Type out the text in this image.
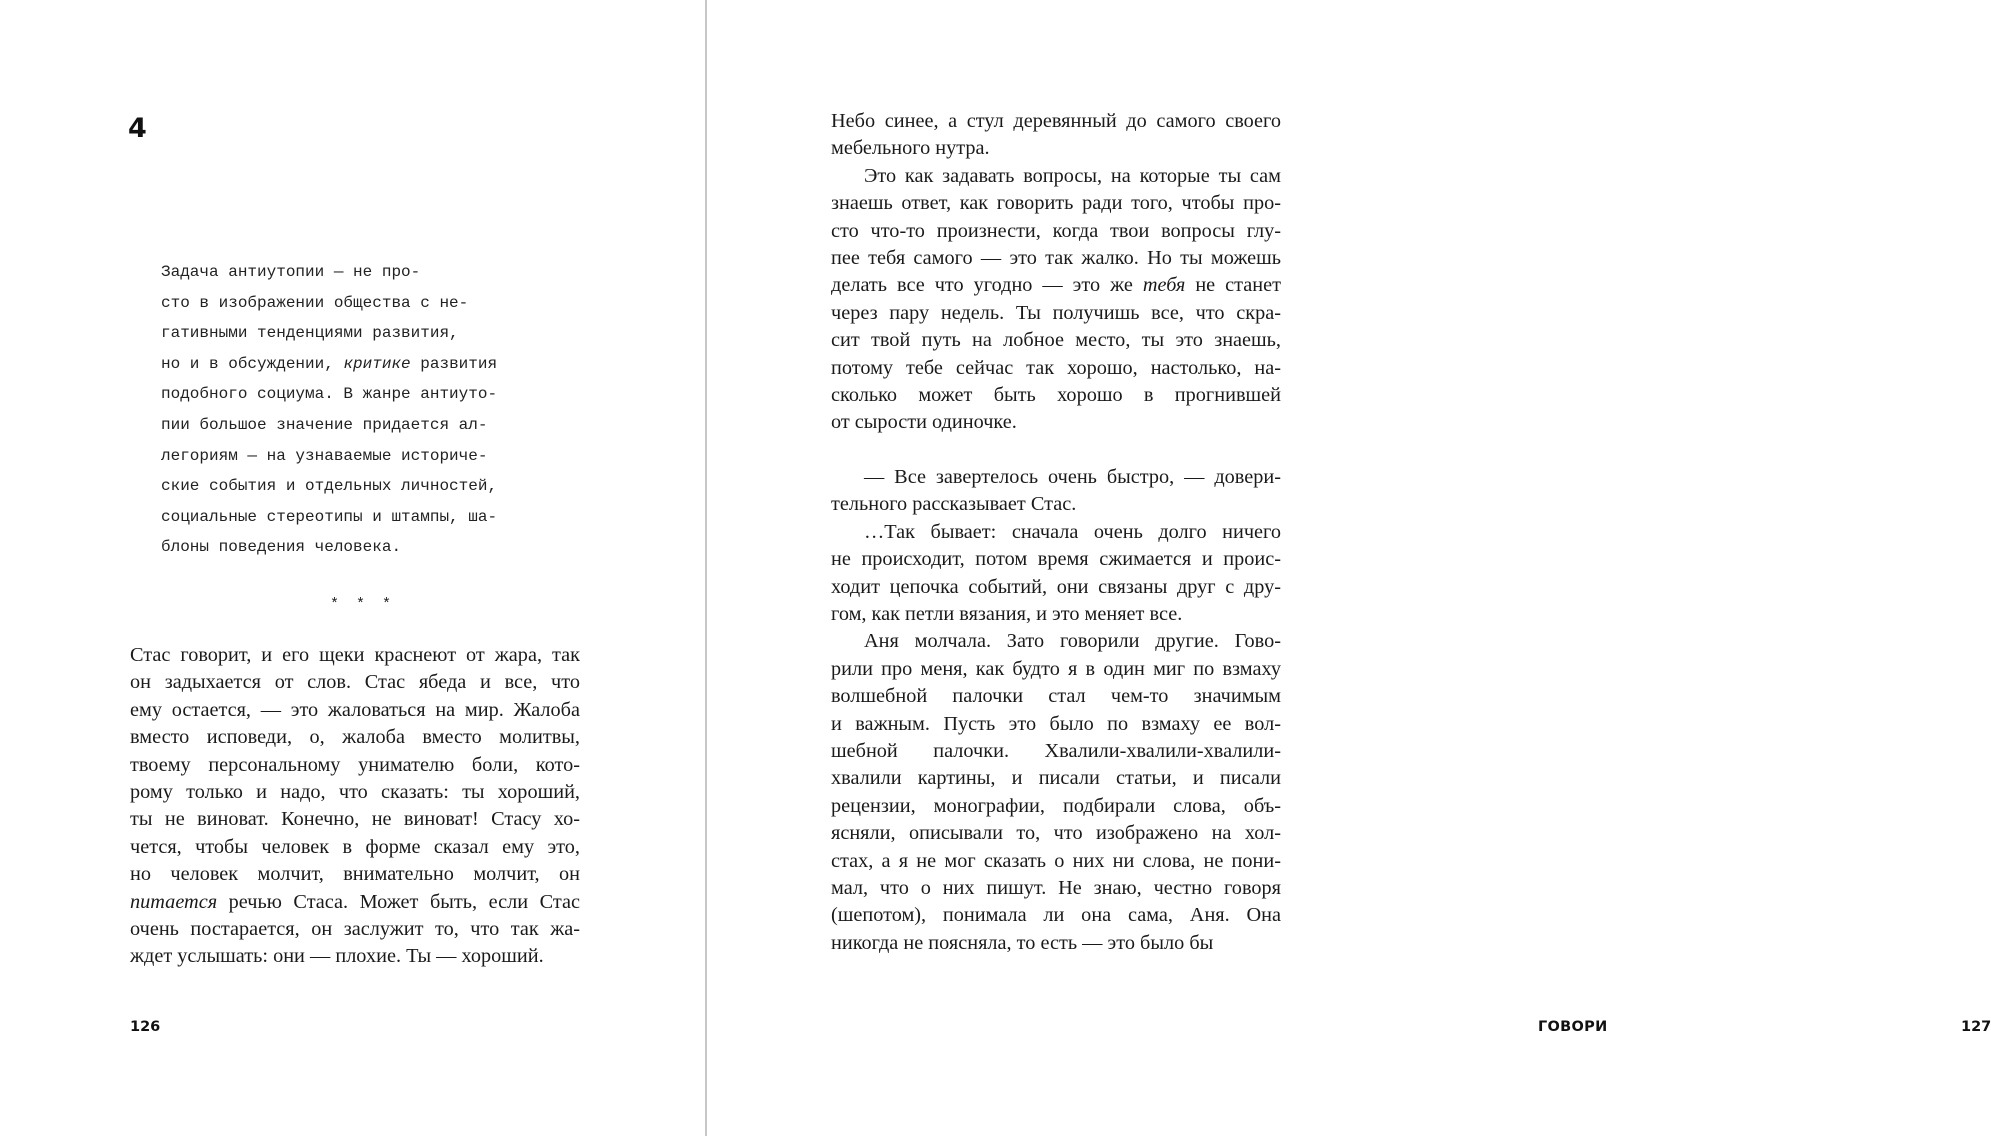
4
Задача антиутопии — не про-
сто в изображении общества с не-
гативными тенденциями развития,
но и в обсуждении, критике развития
подобного социума. В жанре антиуто-
пии большое значение придается ал-
легориям — на узнаваемые историче-
ские события и отдельных личностей,
социальные стереотипы и штампы, ша-
блоны поведения человека.
* * *
Стас говорит, и его щеки краснеют от жара, так
он задыхается от слов. Стас ябеда и все, что
ему остается, — это жаловаться на мир. Жалоба
вместо исповеди, о, жалоба вместо молитвы,
твоему персональному унимателю боли, кото-
рому только и надо, что сказать: ты хороший,
ты не виноват. Конечно, не виноват! Стасу хо-
чется, чтобы человек в форме сказал ему это,
но человек молчит, внимательно молчит, он
питается речью Стаса. Может быть, если Стас
очень постарается, он заслужит то, что так жа-
ждет услышать: они — плохие. Ты — хороший.
126	ГОВОРИ	127
Небо синее, а стул деревянный до самого своего
мебельного нутра.
Это как задавать вопросы, на которые ты сам
знаешь ответ, как говорить ради того, чтобы про-
сто что-то произнести, когда твои вопросы глу-
пее тебя самого — это так жалко. Но ты можешь
делать все что угодно — это же тебя не станет
через пару недель. Ты получишь все, что скра-
сит твой путь на лобное место, ты это знаешь,
потому тебе сейчас так хорошо, настолько, на-
сколько может быть хорошо в прогнившей
от сырости одиночке.
— Все завертелось очень быстро, — довери-
тельного рассказывает Стас.
…Так бывает: сначала очень долго ничего
не происходит, потом время сжимается и проис-
ходит цепочка событий, они связаны друг с дру-
гом, как петли вязания, и это меняет все.
Аня молчала. Зато говорили другие. Гово-
рили про меня, как будто я в один миг по взмаху
волшебной палочки стал чем-то значимым
и важным. Пусть это было по взмаху ее вол-
шебной палочки. Хвалили-хвалили-хвалили-
хвалили картины, и писали статьи, и писали
рецензии, монографии, подбирали слова, объ-
ясняли, описывали то, что изображено на хол-
стах, а я не мог сказать о них ни слова, не пони-
мал, что о них пишут. Не знаю, честно говоря
(шепотом), понимала ли она сама, Аня. Она
никогда не поясняла, то есть — это было бы
